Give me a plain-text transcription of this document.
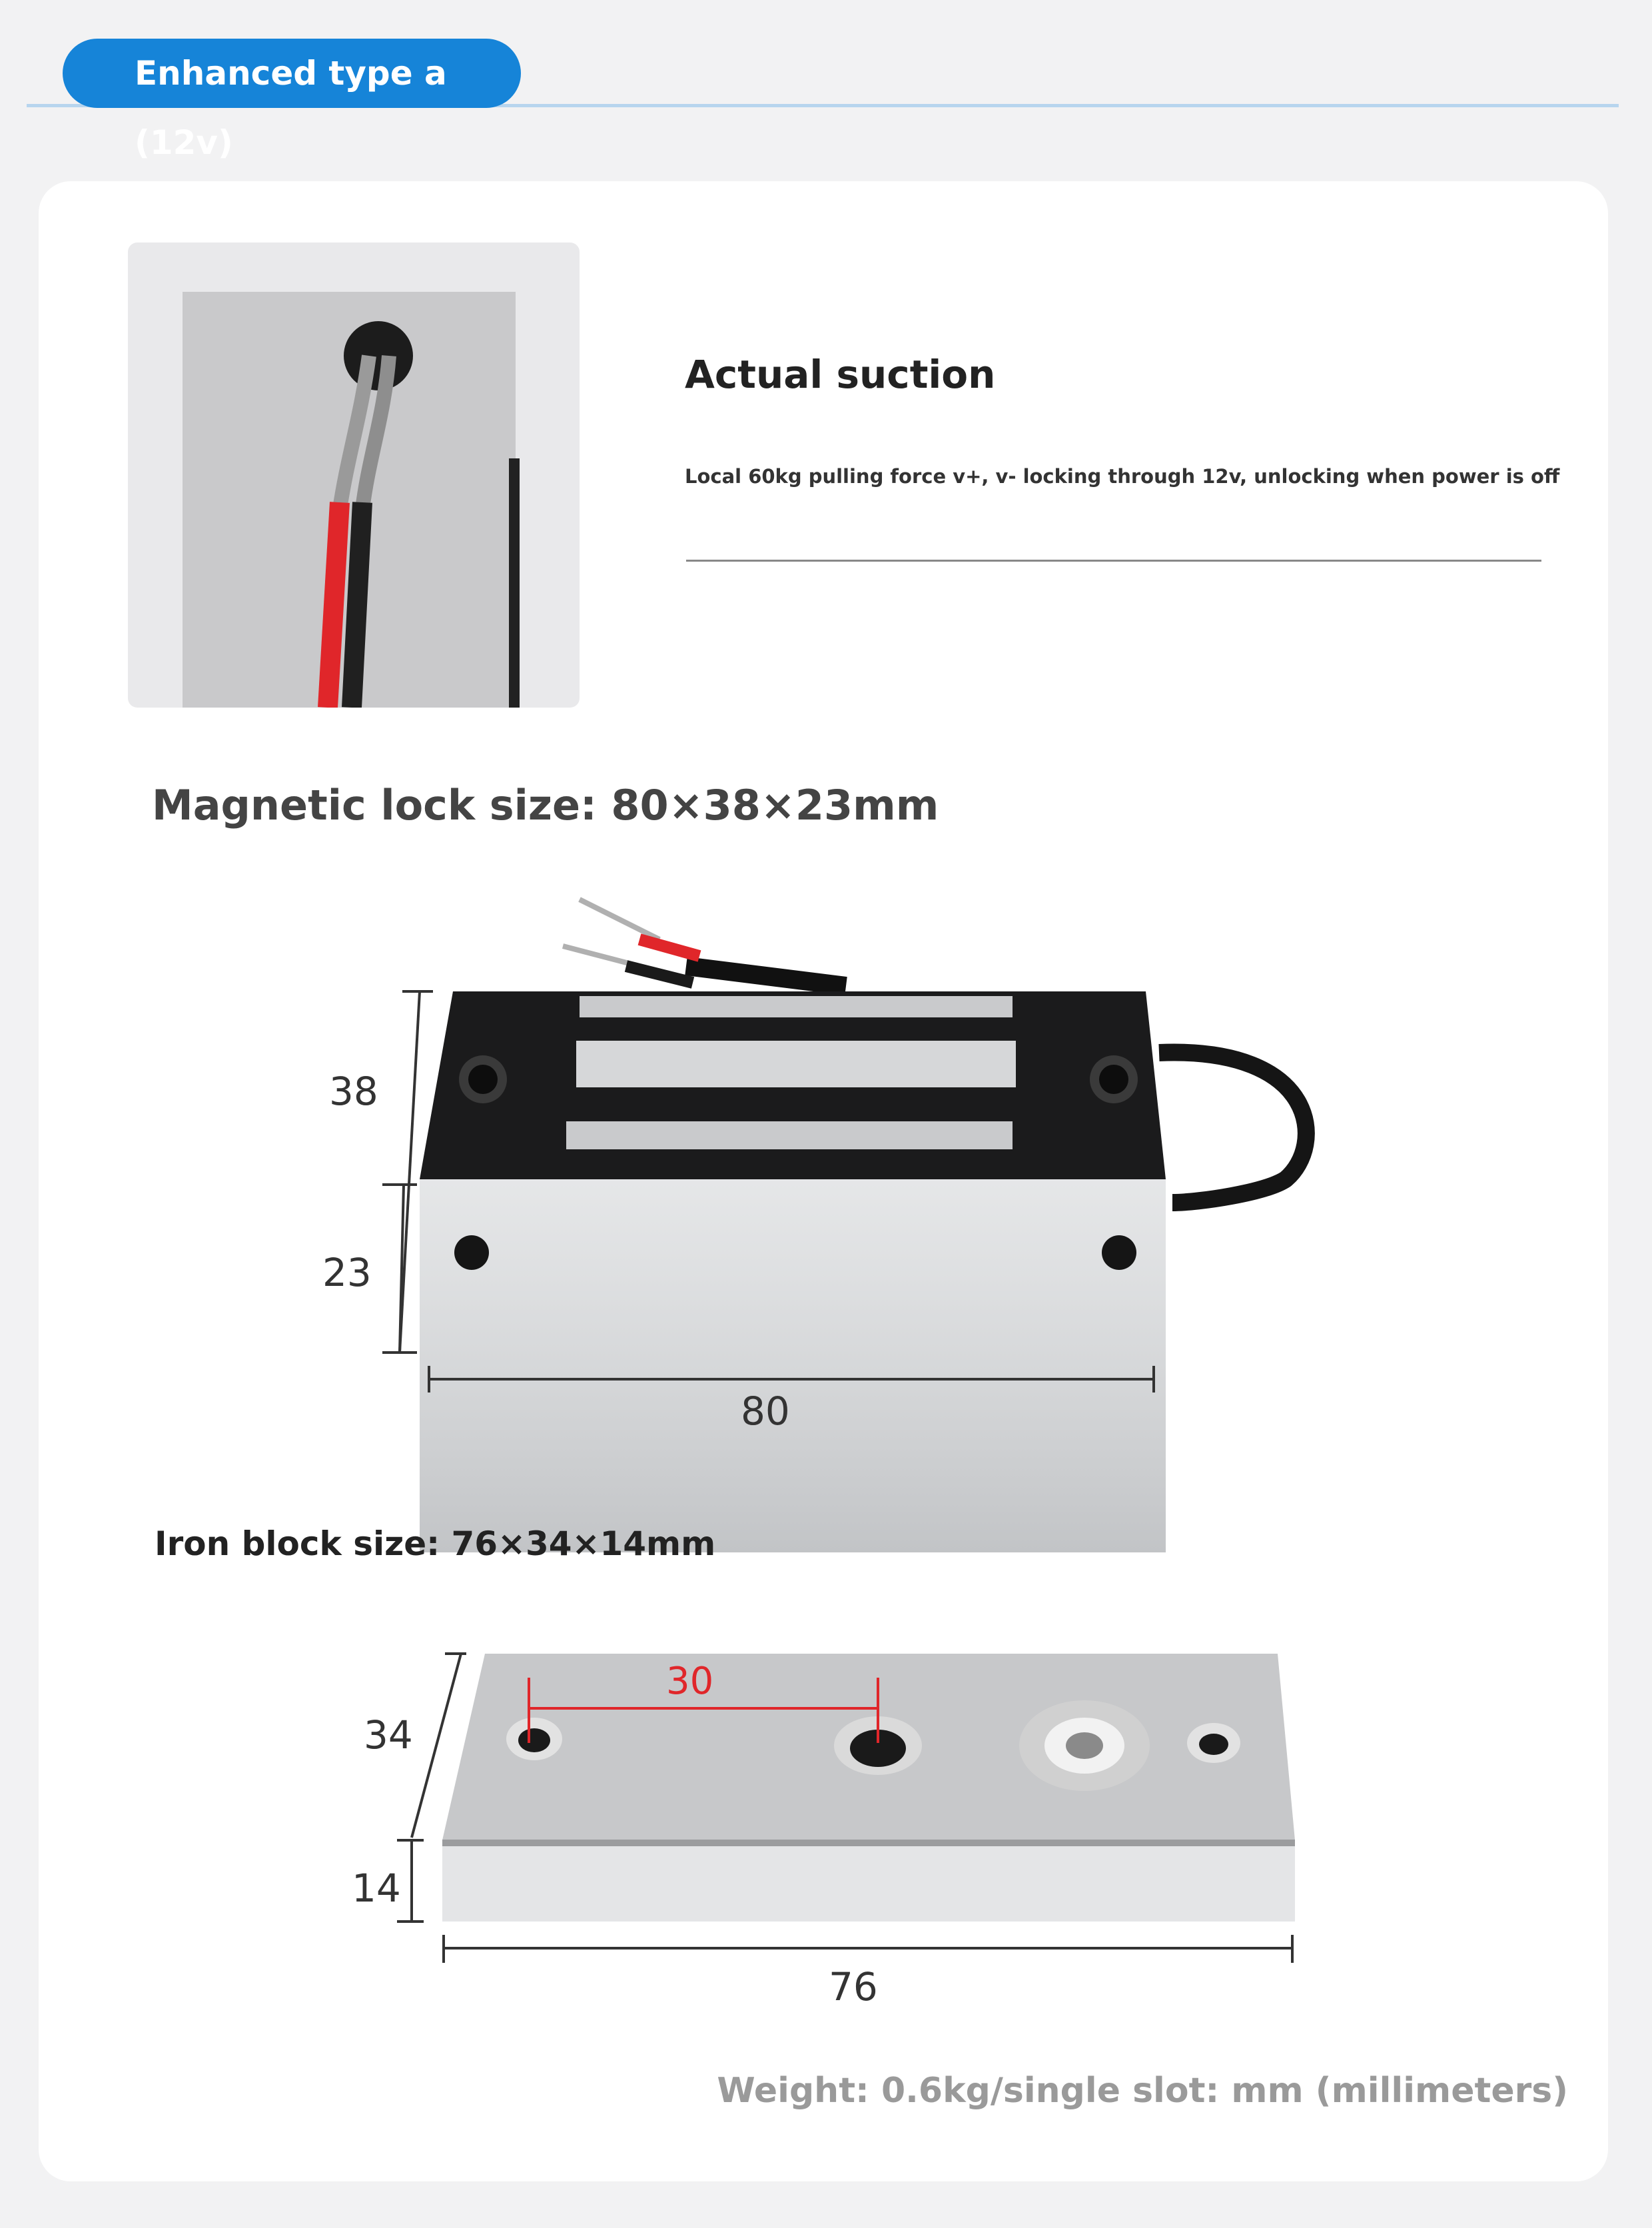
Enhanced type a (12v)
Actual suction
Local 60kg pulling force v+, v- locking through 12v, unlocking when power is off
Magnetic lock size: 80×38×23mm
38
23
80
Iron block size: 76×34×14mm
30
34
14
76
Weight: 0.6kg/single slot: mm (millimeters)
